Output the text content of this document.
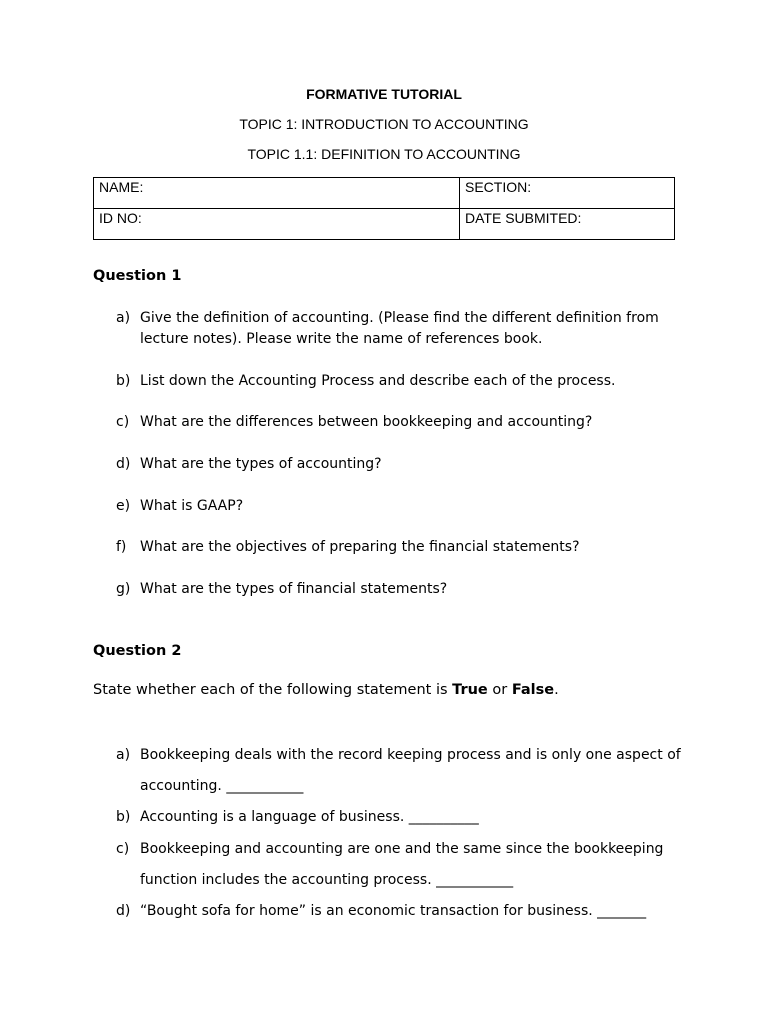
FORMATIVE TUTORIAL
TOPIC 1: INTRODUCTION TO ACCOUNTING
TOPIC 1.1: DEFINITION TO ACCOUNTING
NAME:	SECTION:
ID NO:	DATE SUBMITED:
Question 1
a) Give the definition of accounting. (Please find the different definition from lecture notes). Please write the name of references book.
b) List down the Accounting Process and describe each of the process.
c) What are the differences between bookkeeping and accounting?
d) What are the types of accounting?
e) What is GAAP?
f) What are the objectives of preparing the financial statements?
g) What are the types of financial statements?
Question 2
State whether each of the following statement is True or False.
a) Bookkeeping deals with the record keeping process and is only one aspect of accounting. ___________
b) Accounting is a language of business. __________
c) Bookkeeping and accounting are one and the same since the bookkeeping function includes the accounting process. ___________
d) “Bought sofa for home” is an economic transaction for business. _______
